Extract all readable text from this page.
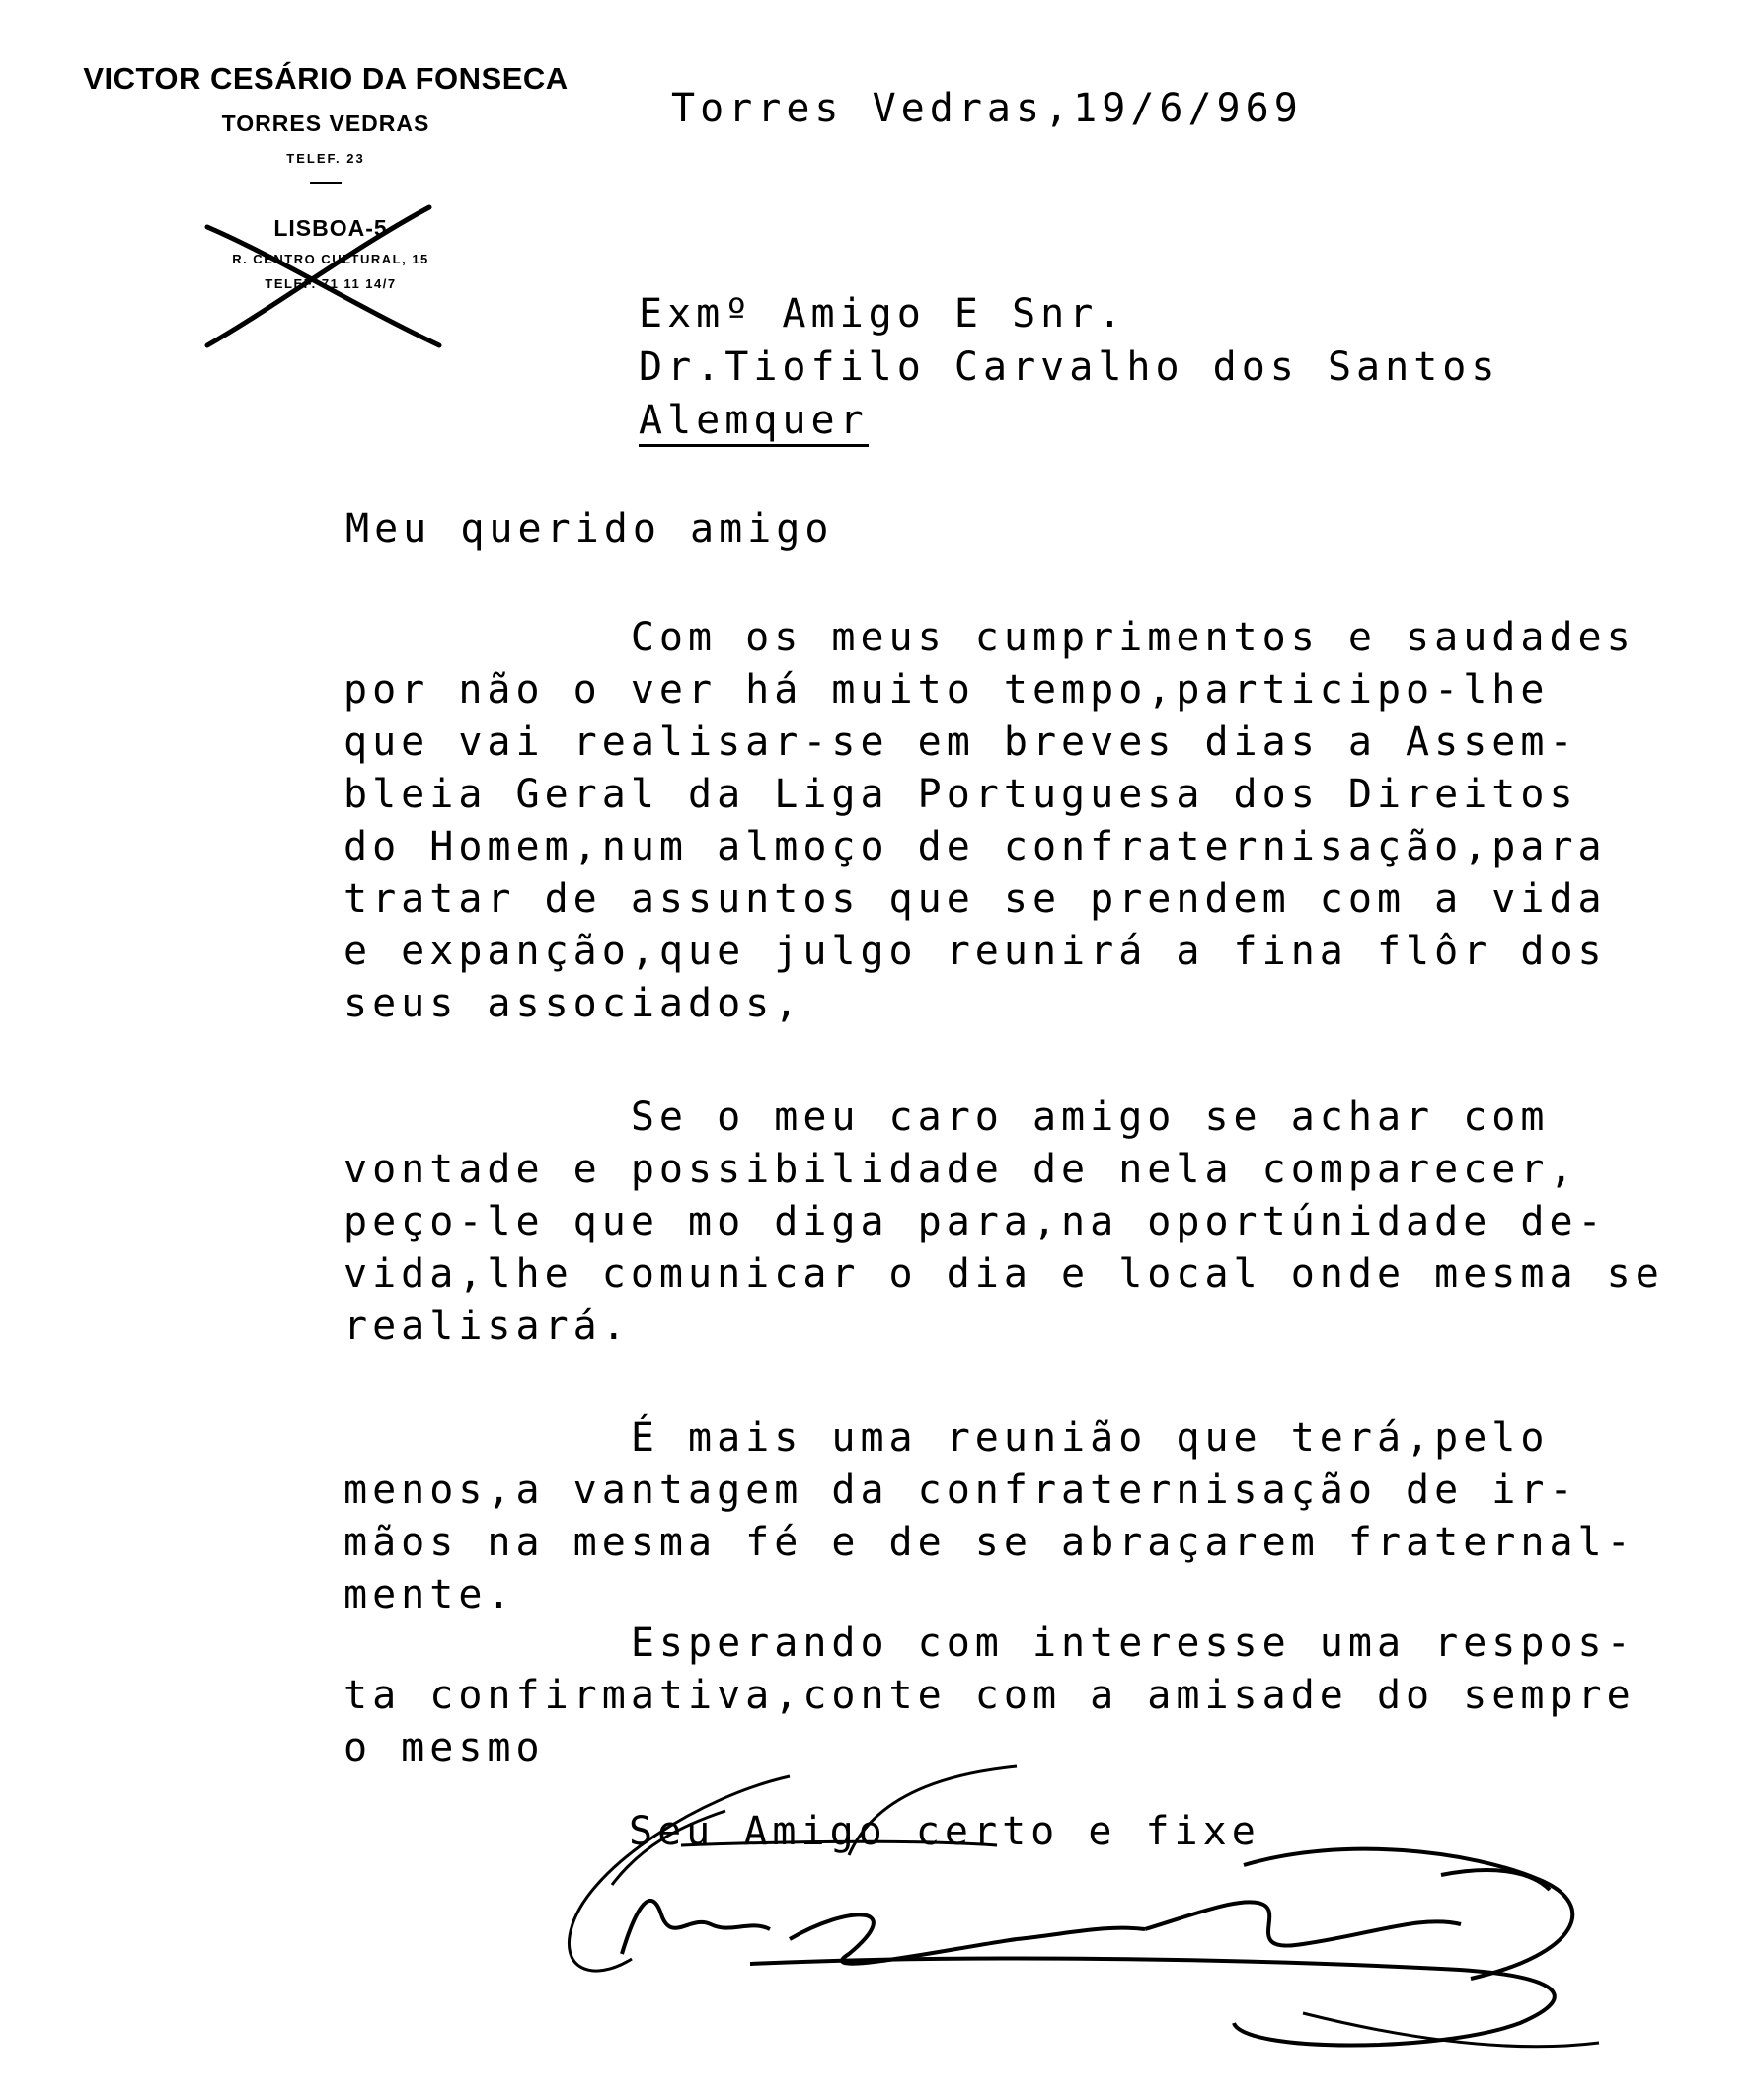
VICTOR CESÁRIO DA FONSECA
TORRES VEDRAS
TELEF. 23
LISBOA-5
R. CENTRO CULTURAL, 15
TELEF. 71 11 14/7
Torres Vedras,19/6/969
Exmº Amigo E Snr.
Dr.Tiofilo Carvalho dos Santos
Alemquer
Meu querido amigo
Com os meus cumprimentos e saudades
por não o ver há muito tempo,participo-lhe
que vai realisar-se em breves dias a Assem-
bleia Geral da Liga Portuguesa dos Direitos
do Homem,num almoço de confraternisação,para
tratar de assuntos que se prendem com a vida
e expanção,que julgo reunirá a fina flôr dos
seus associados,
Se o meu caro amigo se achar com
vontade e possibilidade de nela comparecer,
peço-le que mo diga para,na oportúnidade de-
vida,lhe comunicar o dia e local onde mesma se
realisará.
É mais uma reunião que terá,pelo
menos,a vantagem da confraternisação de ir-
mãos na mesma fé e de se abraçarem fraternal-
mente.
Esperando com interesse uma respos-
ta confirmativa,conte com a amisade do sempre
o mesmo
Seu Amigo certo e fixe
